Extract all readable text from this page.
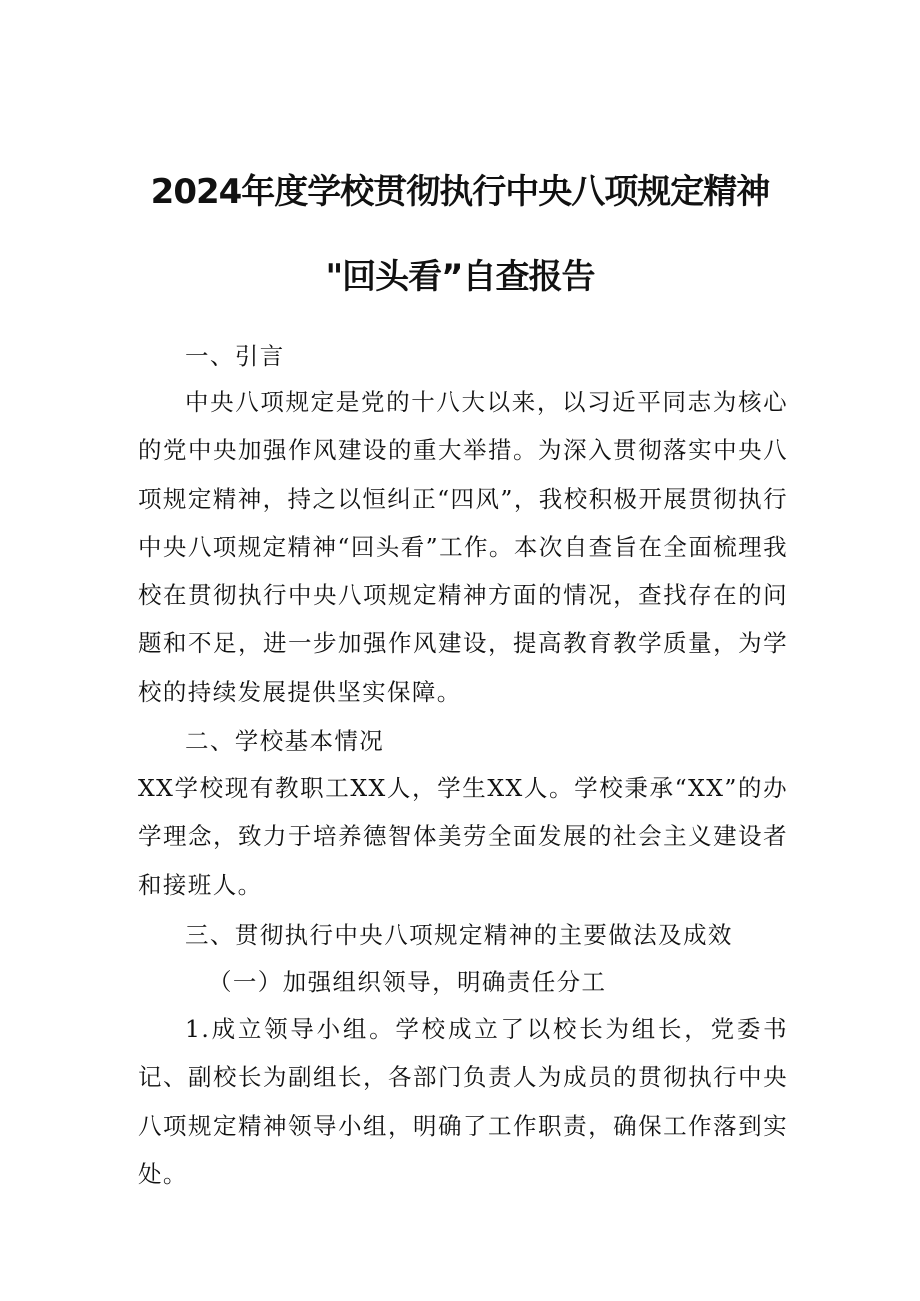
2024年度学校贯彻执行中央八项规定精神
"回头看”自查报告

一、引言

中央八项规定是党的十八大以来，以习近平同志为核心的党中央加强作风建设的重大举措。为深入贯彻落实中央八项规定精神，持之以恒纠正“四风”，我校积极开展贯彻执行中央八项规定精神“回头看”工作。本次自查旨在全面梳理我校在贯彻执行中央八项规定精神方面的情况，查找存在的问题和不足，进一步加强作风建设，提高教育教学质量，为学校的持续发展提供坚实保障。

二、学校基本情况

XX学校现有教职工XX人，学生XX人。学校秉承“XX”的办学理念，致力于培养德智体美劳全面发展的社会主义建设者和接班人。

三、贯彻执行中央八项规定精神的主要做法及成效

（一）加强组织领导，明确责任分工

1.成立领导小组。学校成立了以校长为组长，党委书记、副校长为副组长，各部门负责人为成员的贯彻执行中央八项规定精神领导小组，明确了工作职责，确保工作落到实处。
